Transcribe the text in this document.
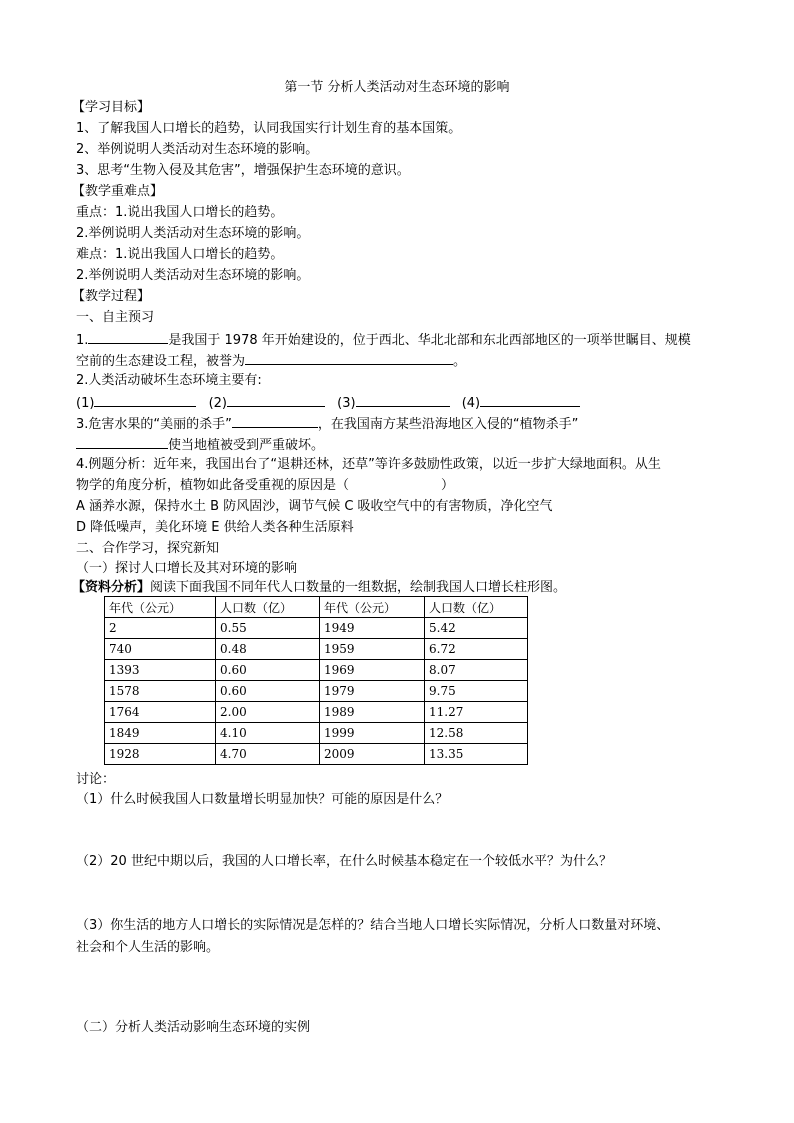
第一节 分析人类活动对生态环境的影响
【学习目标】
1、了解我国人口增长的趋势，认同我国实行计划生育的基本国策。
2、举例说明人类活动对生态环境的影响。
3、思考“生物入侵及其危害”，增强保护生态环境的意识。
【教学重难点】
重点：1.说出我国人口增长的趋势。
2.举例说明人类活动对生态环境的影响。
难点：1.说出我国人口增长的趋势。
2.举例说明人类活动对生态环境的影响。
【教学过程】
一、自主预习
1.	是我国于 1978 年开始建设的，位于西北、华北北部和东北西部地区的一项举世瞩目、规模
空前的生态建设工程，被誉为	。
2.人类活动破坏生态环境主要有:
(1)	(2)	(3)	(4)
3.危害水果的“美丽的杀手”	，在我国南方某些沿海地区入侵的“植物杀手”
使当地植被受到严重破坏。
4.例题分析：近年来，我国出台了“退耕还林，还草”等许多鼓励性政策，以近一步扩大绿地面积。从生
物学的角度分析，植物如此备受重视的原因是（	）
A 涵养水源，保持水土 B 防风固沙，调节气候 C 吸收空气中的有害物质，净化空气
D 降低噪声，美化环境 E 供给人类各种生活原料
二、合作学习，探究新知
（一）探讨人口增长及其对环境的影响
【资料分析】阅读下面我国不同年代人口数量的一组数据，绘制我国人口增长柱形图。
年代（公元）	人口数（亿）	年代（公元）	人口数（亿）
2	0.55	1949	5.42
740	0.48	1959	6.72
1393	0.60	1969	8.07
1578	0.60	1979	9.75
1764	2.00	1989	11.27
1849	4.10	1999	12.58
1928	4.70	2009	13.35
讨论：
（1）什么时候我国人口数量增长明显加快？可能的原因是什么？
（2）20 世纪中期以后，我国的人口增长率，在什么时候基本稳定在一个较低水平？为什么？
（3）你生活的地方人口增长的实际情况是怎样的？结合当地人口增长实际情况，分析人口数量对环境、
社会和个人生活的影响。
（二）分析人类活动影响生态环境的实例
